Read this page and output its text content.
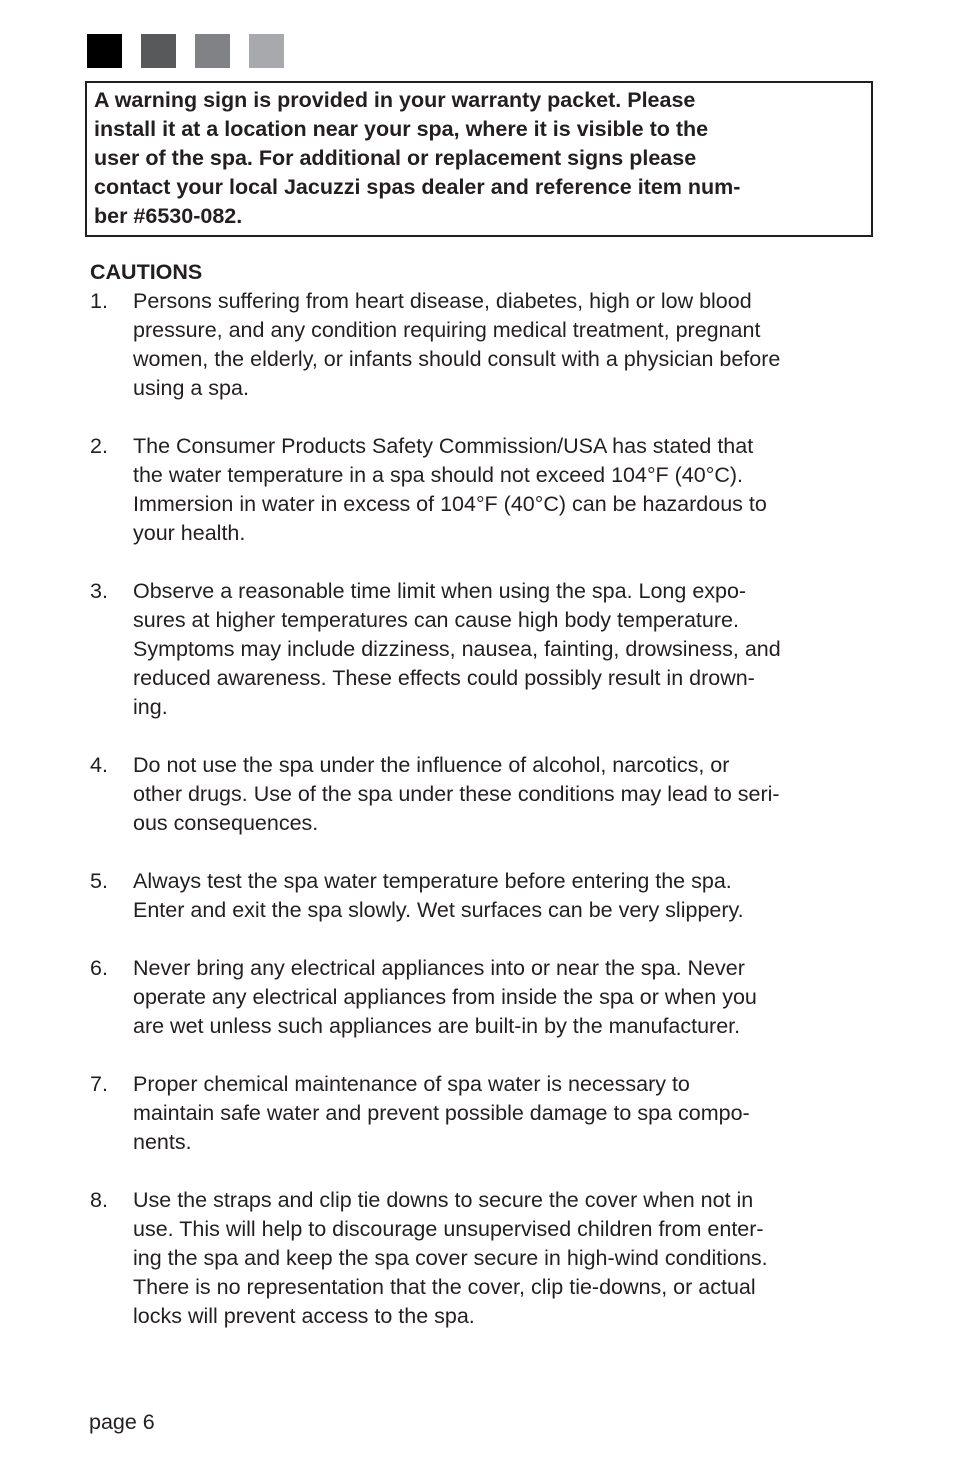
A warning sign is provided in your warranty packet. Please
install it at a location near your spa, where it is visible to the
user of the spa. For additional or replacement signs please
contact your local Jacuzzi spas dealer and reference item num-
ber #6530-082.

CAUTIONS

1.	Persons suffering from heart disease, diabetes, high or low blood
pressure, and any condition requiring medical treatment, pregnant
women, the elderly, or infants should consult with a physician before
using a spa.
2.	The Consumer Products Safety Commission/USA has stated that
the water temperature in a spa should not exceed 104°F (40°C).
Immersion in water in excess of 104°F (40°C) can be hazardous to
your health.
3.	Observe a reasonable time limit when using the spa. Long expo-
sures at higher temperatures can cause high body temperature.
Symptoms may include dizziness, nausea, fainting, drowsiness, and
reduced awareness. These effects could possibly result in drown-
ing.
4.	Do not use the spa under the influence of alcohol, narcotics, or
other drugs. Use of the spa under these conditions may lead to seri-
ous consequences.
5.	Always test the spa water temperature before entering the spa.
Enter and exit the spa slowly. Wet surfaces can be very slippery.
6.	Never bring any electrical appliances into or near the spa. Never
operate any electrical appliances from inside the spa or when you
are wet unless such appliances are built-in by the manufacturer.
7.	Proper chemical maintenance of spa water is necessary to
maintain safe water and prevent possible damage to spa compo-
nents.
8.	Use the straps and clip tie downs to secure the cover when not in
use. This will help to discourage unsupervised children from enter-
ing the spa and keep the spa cover secure in high-wind conditions.
There is no representation that the cover, clip tie-downs, or actual
locks will prevent access to the spa.
page 6
